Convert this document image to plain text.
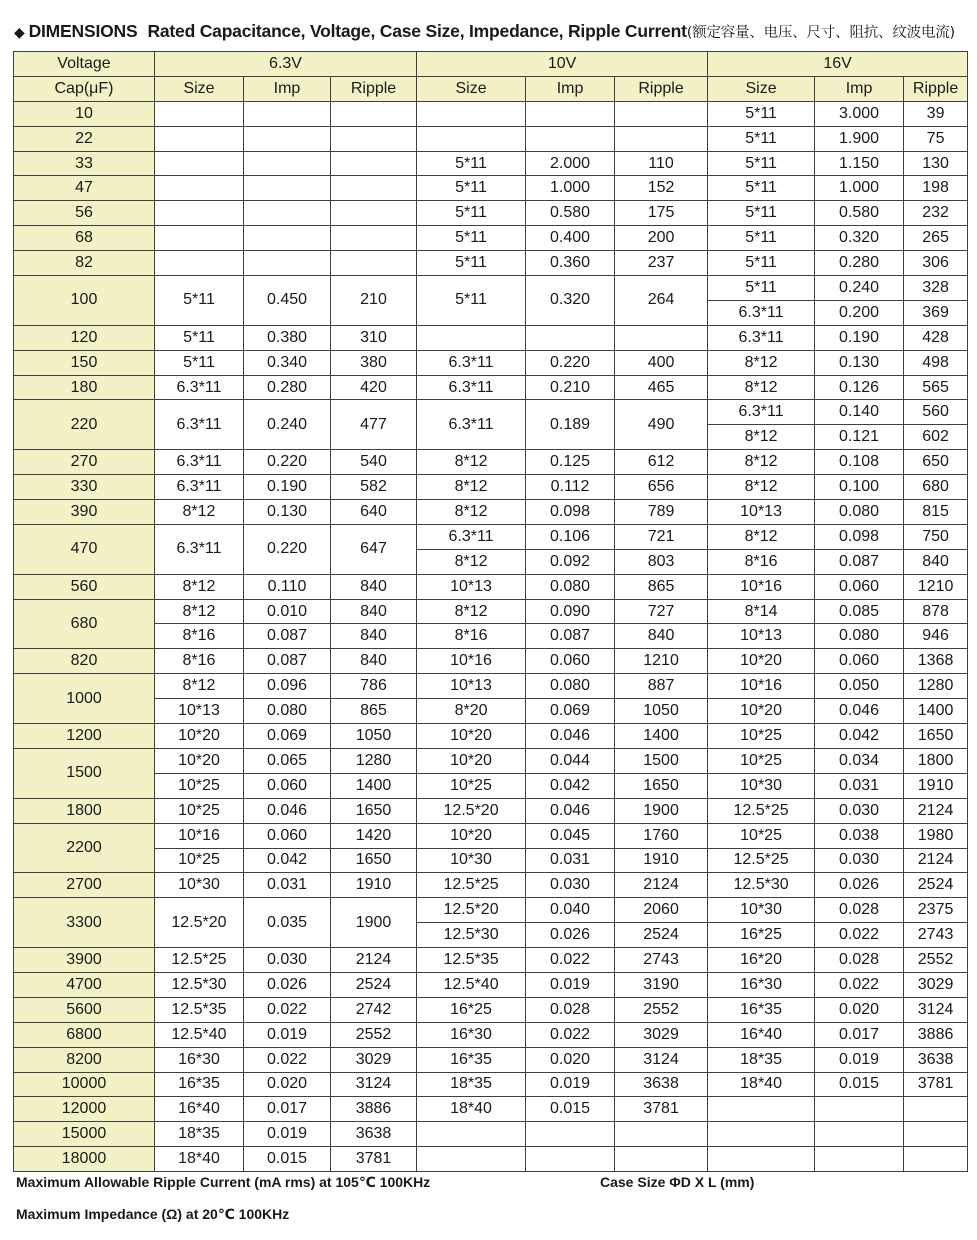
◆ DIMENSIONS Rated Capacitance, Voltage, Case Size, Impedance, Ripple Current(额定容量、电压、尺寸、阻抗、纹波电流)
Voltage	6.3V			10V			16V		
Cap(μF)	Size	Imp	Ripple	Size	Imp	Ripple	Size	Imp	Ripple
10							5*11	3.000	39
22							5*11	1.900	75
33				5*11	2.000	110	5*11	1.150	130
47				5*11	1.000	152	5*11	1.000	198
56				5*11	0.580	175	5*11	0.580	232
68				5*11	0.400	200	5*11	0.320	265
82				5*11	0.360	237	5*11	0.280	306
100	5*11	0.450	210	5*11	0.320	264	5*11	0.240	328
							6.3*11	0.200	369
120	5*11	0.380	310				6.3*11	0.190	428
150	5*11	0.340	380	6.3*11	0.220	400	8*12	0.130	498
180	6.3*11	0.280	420	6.3*11	0.210	465	8*12	0.126	565
220	6.3*11	0.240	477	6.3*11	0.189	490	6.3*11	0.140	560
							8*12	0.121	602
270	6.3*11	0.220	540	8*12	0.125	612	8*12	0.108	650
330	6.3*11	0.190	582	8*12	0.112	656	8*12	0.100	680
390	8*12	0.130	640	8*12	0.098	789	10*13	0.080	815
470	6.3*11	0.220	647	6.3*11	0.106	721	8*12	0.098	750
				8*12	0.092	803	8*16	0.087	840
560	8*12	0.110	840	10*13	0.080	865	10*16	0.060	1210
680	8*12	0.010	840	8*12	0.090	727	8*14	0.085	878
	8*16	0.087	840	8*16	0.087	840	10*13	0.080	946
820	8*16	0.087	840	10*16	0.060	1210	10*20	0.060	1368
1000	8*12	0.096	786	10*13	0.080	887	10*16	0.050	1280
	10*13	0.080	865	8*20	0.069	1050	10*20	0.046	1400
1200	10*20	0.069	1050	10*20	0.046	1400	10*25	0.042	1650
1500	10*20	0.065	1280	10*20	0.044	1500	10*25	0.034	1800
	10*25	0.060	1400	10*25	0.042	1650	10*30	0.031	1910
1800	10*25	0.046	1650	12.5*20	0.046	1900	12.5*25	0.030	2124
2200	10*16	0.060	1420	10*20	0.045	1760	10*25	0.038	1980
	10*25	0.042	1650	10*30	0.031	1910	12.5*25	0.030	2124
2700	10*30	0.031	1910	12.5*25	0.030	2124	12.5*30	0.026	2524
3300	12.5*20	0.035	1900	12.5*20	0.040	2060	10*30	0.028	2375
				12.5*30	0.026	2524	16*25	0.022	2743
3900	12.5*25	0.030	2124	12.5*35	0.022	2743	16*20	0.028	2552
4700	12.5*30	0.026	2524	12.5*40	0.019	3190	16*30	0.022	3029
5600	12.5*35	0.022	2742	16*25	0.028	2552	16*35	0.020	3124
6800	12.5*40	0.019	2552	16*30	0.022	3029	16*40	0.017	3886
8200	16*30	0.022	3029	16*35	0.020	3124	18*35	0.019	3638
10000	16*35	0.020	3124	18*35	0.019	3638	18*40	0.015	3781
12000	16*40	0.017	3886	18*40	0.015	3781			
15000	18*35	0.019	3638						
18000	18*40	0.015	3781						
Maximum Allowable Ripple Current (mA rms) at 105℃ 100KHz	Case Size ΦD X L (mm)
Maximum Impedance (Ω) at 20℃ 100KHz
